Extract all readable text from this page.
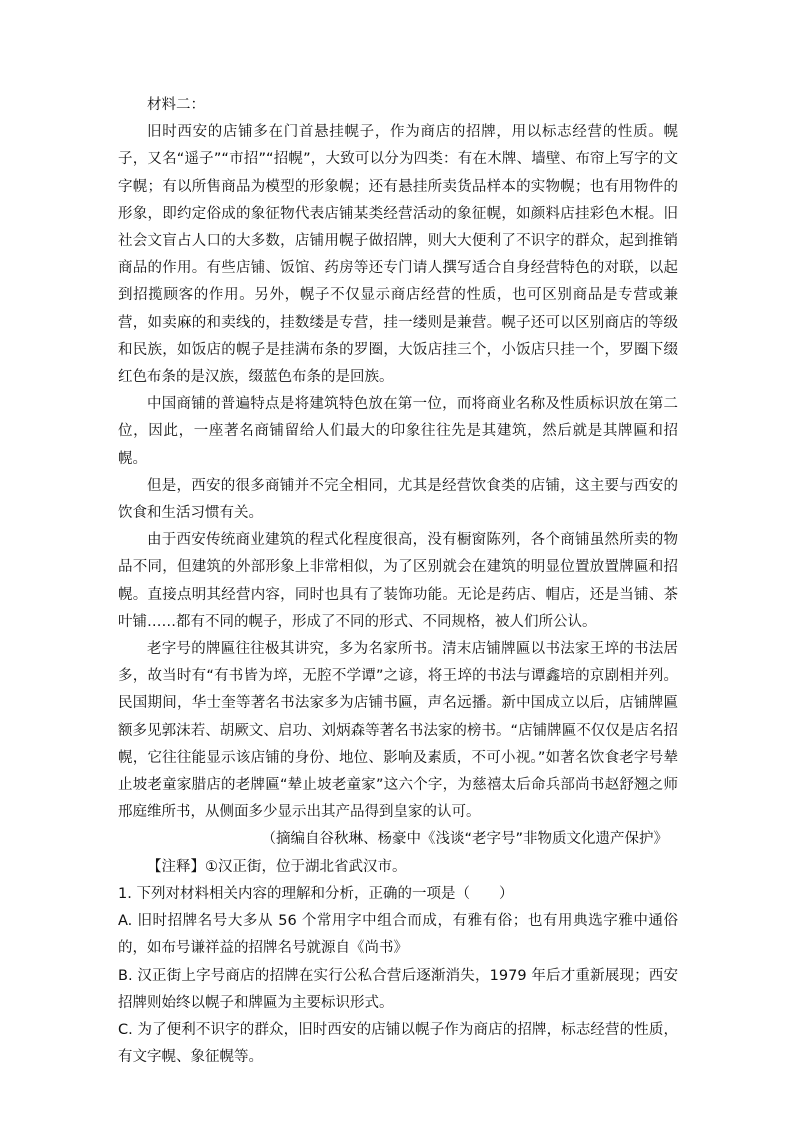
材料二：

旧时西安的店铺多在门首悬挂幌子，作为商店的招牌，用以标志经营的性质。幌子，又名“遥子”“市招”“招幌”，大致可以分为四类：有在木牌、墙壁、布帘上写字的文字幌；有以所售商品为模型的形象幌；还有悬挂所卖货品样本的实物幌；也有用物件的形象，即约定俗成的象征物代表店铺某类经营活动的象征幌，如颜料店挂彩色木棍。旧社会文盲占人口的大多数，店铺用幌子做招牌，则大大便利了不识字的群众，起到推销商品的作用。有些店铺、饭馆、药房等还专门请人撰写适合自身经营特色的对联，以起到招揽顾客的作用。另外，幌子不仅显示商店经营的性质，也可区别商品是专营或兼营，如卖麻的和卖线的，挂数缕是专营，挂一缕则是兼营。幌子还可以区别商店的等级和民族，如饭店的幌子是挂满布条的罗圈，大饭店挂三个，小饭店只挂一个，罗圈下缀红色布条的是汉族，缀蓝色布条的是回族。

中国商铺的普遍特点是将建筑特色放在第一位，而将商业名称及性质标识放在第二位，因此，一座著名商铺留给人们最大的印象往往先是其建筑，然后就是其牌匾和招幌。

但是，西安的很多商铺并不完全相同，尤其是经营饮食类的店铺，这主要与西安的饮食和生活习惯有关。

由于西安传统商业建筑的程式化程度很高，没有橱窗陈列，各个商铺虽然所卖的物品不同，但建筑的外部形象上非常相似，为了区别就会在建筑的明显位置放置牌匾和招幌。直接点明其经营内容，同时也具有了装饰功能。无论是药店、帽店，还是当铺、茶叶铺……都有不同的幌子，形成了不同的形式、不同规格，被人们所公认。

老字号的牌匾往往极其讲究，多为名家所书。清末店铺牌匾以书法家王埣的书法居多，故当时有“有书皆为埣，无腔不学谭”之谚，将王埣的书法与谭鑫培的京剧相并列。民国期间，华士奎等著名书法家多为店铺书匾，声名远播。新中国成立以后，店铺牌匾额多见郭沫若、胡厥文、启功、刘炳森等著名书法家的榜书。“店铺牌匾不仅仅是店名招幌，它往往能显示该店铺的身份、地位、影响及素质，不可小视。”如著名饮食老字号辇止坡老童家腊店的老牌匾“辇止坡老童家”这六个字，为慈禧太后命兵部尚书赵舒翘之师邢庭维所书，从侧面多少显示出其产品得到皇家的认可。

（摘编自谷秋琳、杨豪中《浅谈“老字号”非物质文化遗产保护》

【注释】①汉正街，位于湖北省武汉市。

1. 下列对材料相关内容的理解和分析，正确的一项是（　　）

A. 旧时招牌名号大多从 56 个常用字中组合而成，有雅有俗；也有用典选字雅中通俗的，如布号谦祥益的招牌名号就源自《尚书》

B. 汉正街上字号商店的招牌在实行公私合营后逐渐消失，1979 年后才重新展现；西安招牌则始终以幌子和牌匾为主要标识形式。

C. 为了便利不识字的群众，旧时西安的店铺以幌子作为商店的招牌，标志经营的性质，有文字幌、象征幌等。
